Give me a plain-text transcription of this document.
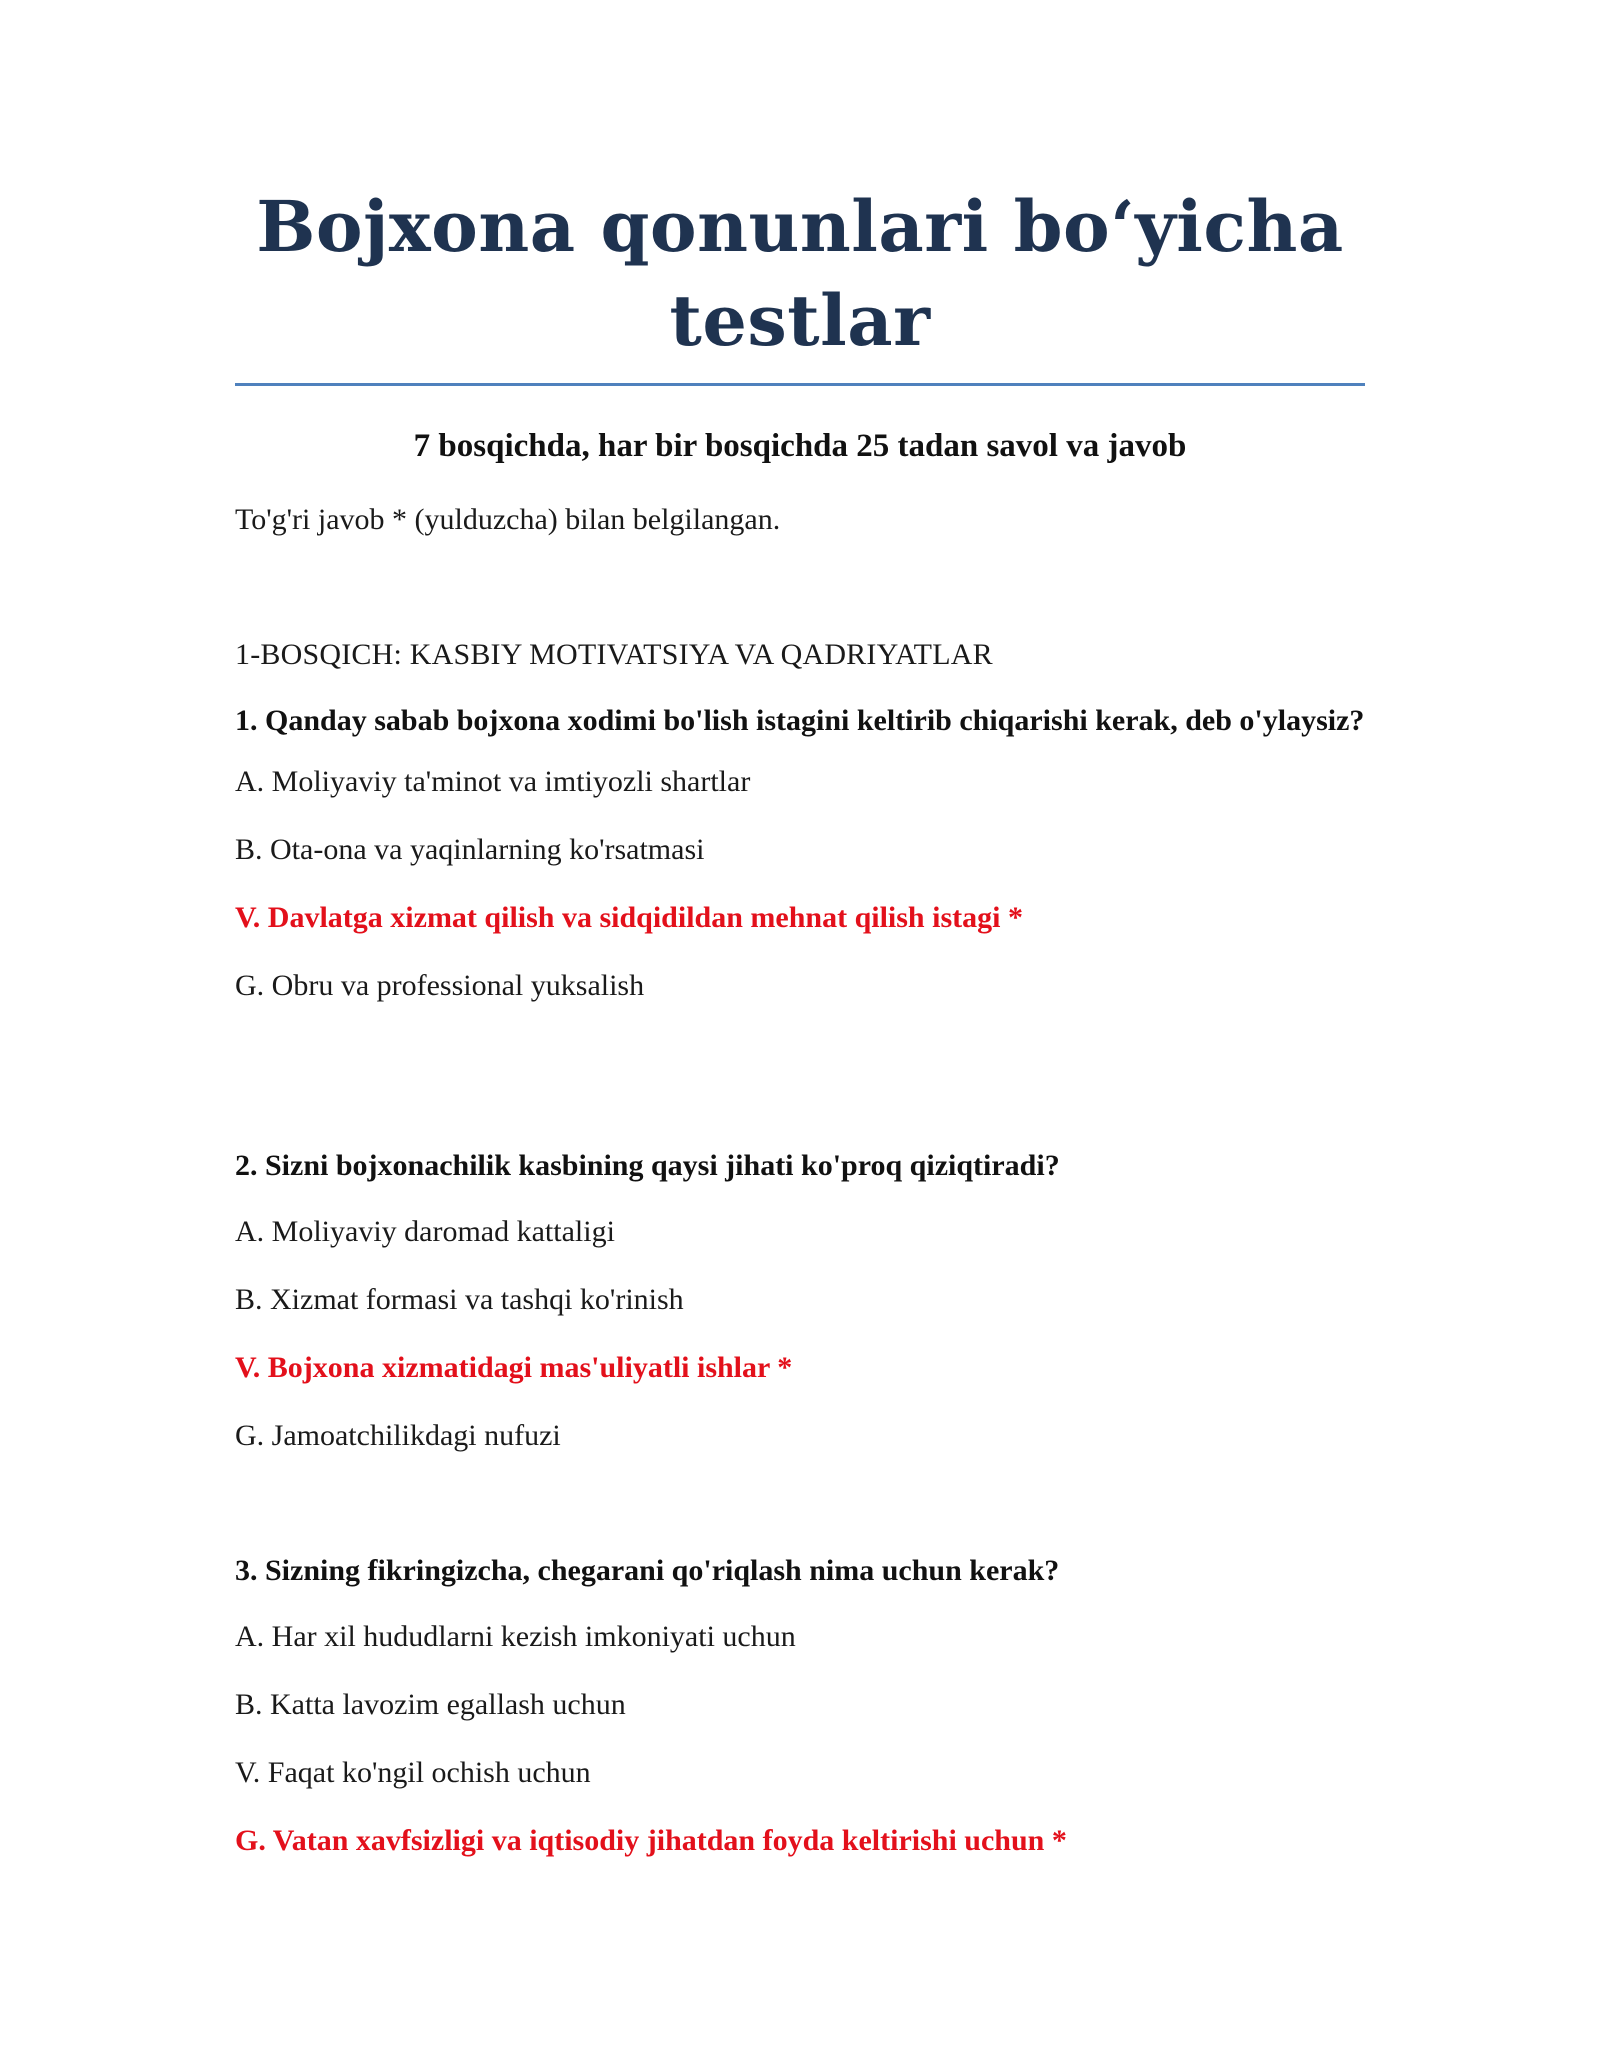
Bojxona qonunlari bo‘yicha testlar
7 bosqichda, har bir bosqichda 25 tadan savol va javob
To'g'ri javob * (yulduzcha) bilan belgilangan.
1-BOSQICH: KASBIY MOTIVATSIYA VA QADRIYATLAR

1. Qanday sabab bojxona xodimi bo'lish istagini keltirib chiqarishi kerak, deb o'ylaysiz?

A. Moliyaviy ta'minot va imtiyozli shartlar

B. Ota-ona va yaqinlarning ko'rsatmasi

V. Davlatga xizmat qilish va sidqidildan mehnat qilish istagi *

G. Obru va professional yuksalish

2. Sizni bojxonachilik kasbining qaysi jihati ko'proq qiziqtiradi?

A. Moliyaviy daromad kattaligi

B. Xizmat formasi va tashqi ko'rinish

V. Bojxona xizmatidagi mas'uliyatli ishlar *

G. Jamoatchilikdagi nufuzi

3. Sizning fikringizcha, chegarani qo'riqlash nima uchun kerak?

A. Har xil hududlarni kezish imkoniyati uchun

B. Katta lavozim egallash uchun

V. Faqat ko'ngil ochish uchun

G. Vatan xavfsizligi va iqtisodiy jihatdan foyda keltirishi uchun *
